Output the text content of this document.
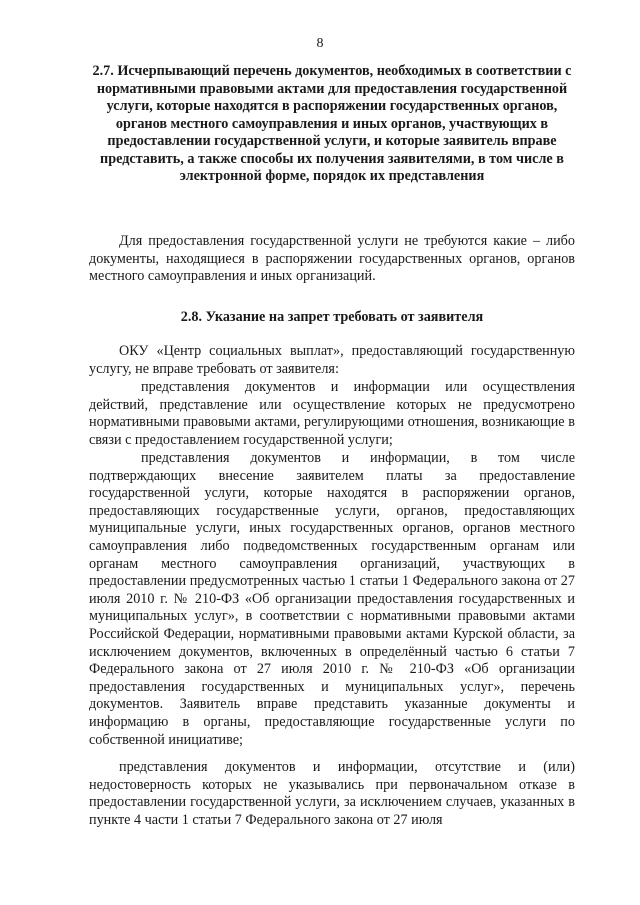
8
2.7. Исчерпывающий перечень документов, необходимых в соответствии с нормативными правовыми актами для предоставления государственной услуги, которые находятся в распоряжении государственных органов, органов местного самоуправления и иных органов, участвующих в предоставлении государственной услуги, и которые заявитель вправе представить, а также способы их получения заявителями, в том числе в электронной форме, порядок их представления

Для предоставления государственной услуги не требуются какие – либо документы, находящиеся в распоряжении государственных органов, органов местного самоуправления и иных организаций.

2.8. Указание на запрет требовать от заявителя

ОКУ «Центр социальных выплат», предоставляющий государственную услугу, не вправе требовать от заявителя:

представления документов и информации или осуществления действий, представление или осуществление которых не предусмотрено нормативными правовыми актами, регулирующими отношения, возникающие в связи с предоставлением государственной услуги;

представления документов и информации, в том числе подтверждающих внесение заявителем платы за предоставление государственной услуги, которые находятся в распоряжении органов, предоставляющих государственные услуги, органов, предоставляющих муниципальные услуги, иных государственных органов, органов местного самоуправления либо подведомственных государственным органам или органам местного самоуправления организаций, участвующих в предоставлении предусмотренных частью 1 статьи 1 Федерального закона от 27 июля 2010 г. № 210-ФЗ «Об организации предоставления государственных и муниципальных услуг», в соответствии с нормативными правовыми актами Российской Федерации, нормативными правовыми актами Курской области, за исключением документов, включенных в определённый частью 6 статьи 7 Федерального закона от 27 июля 2010 г. № 210-ФЗ «Об организации предоставления государственных и муниципальных услуг», перечень документов. Заявитель вправе представить указанные документы и информацию в органы, предоставляющие государственные услуги по собственной инициативе;

представления документов и информации, отсутствие и (или) недостоверность которых не указывались при первоначальном отказе в предоставлении государственной услуги, за исключением случаев, указанных в пункте 4 части 1 статьи 7 Федерального закона от 27 июля
